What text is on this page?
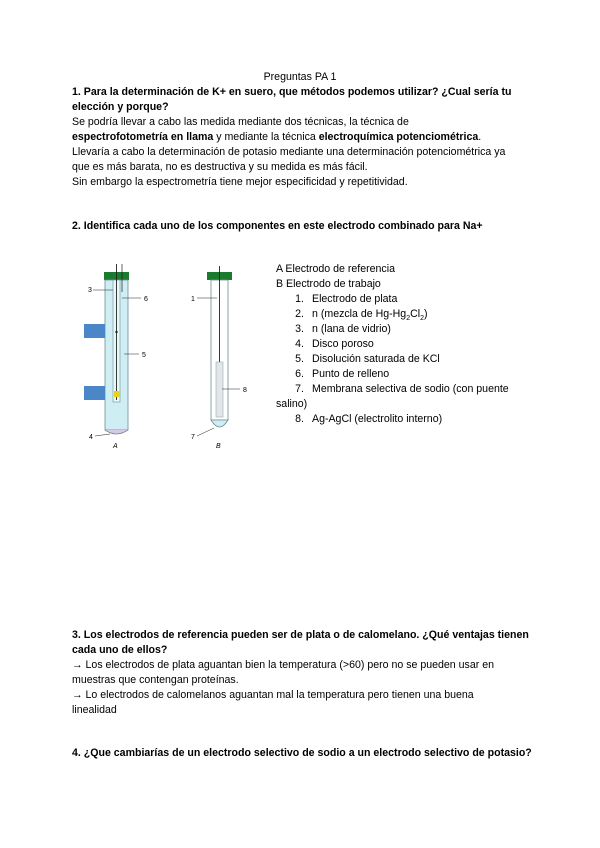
Preguntas PA 1
1. Para la determinación de K+ en suero, que métodos podemos utilizar? ¿Cual sería tu elección y porque?
Se podría llevar a cabo las medida mediante dos técnicas, la técnica de
espectrofotometría en llama y mediante la técnica electroquímica potenciométrica.
Llevaría a cabo la determinación de potasio mediante una determinación potenciométrica ya
que es más barata, no es destructiva y su medida es más fácil.
Sin embargo la espectrometría tiene mejor especificidad y repetitividad.
2. Identifica cada uno de los componentes en este electrodo combinado para Na+
3
6
5
4
A
1
8
7
B
A Electrodo de referencia
B Electrodo de trabajo
1. Electrodo de plata
2. n (mezcla de $Hg-Hg_2Cl_2$)
3. n (lana de vidrio)
4. Disco poroso
5. Disolución saturada de KCl
6. Punto de relleno
7. Membrana selectiva de sodio (con puente
salino)
8. Ag-AgCl (electrolito interno)
3. Los electrodos de referencia pueden ser de plata o de calomelano. ¿Qué ventajas tienen cada uno de ellos?
→ Los electrodos de plata aguantan bien la temperatura (>60) pero no se pueden usar en
muestras que contengan proteínas.
→ Lo electrodos de calomelanos aguantan mal la temperatura pero tienen una buena
linealidad
4. ¿Que cambiarías de un electrodo selectivo de sodio a un electrodo selectivo de potasio?
